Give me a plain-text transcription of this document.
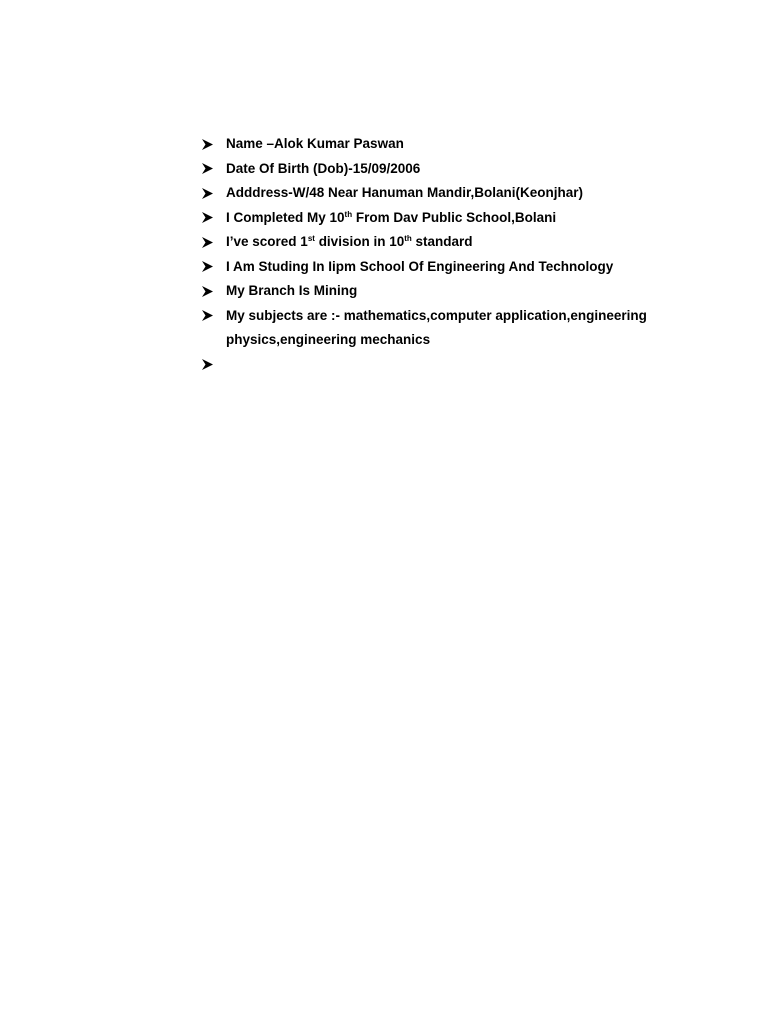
Name –Alok Kumar Paswan
Date Of Birth (Dob)-15/09/2006
Adddress-W/48 Near Hanuman Mandir,Bolani(Keonjhar)
I Completed My 10th From Dav Public School,Bolani
I’ve scored 1st division in 10th standard
I Am Studing In Iipm School Of Engineering And Technology
My Branch Is Mining
My subjects are :- mathematics,computer application,engineering physics,engineering mechanics
